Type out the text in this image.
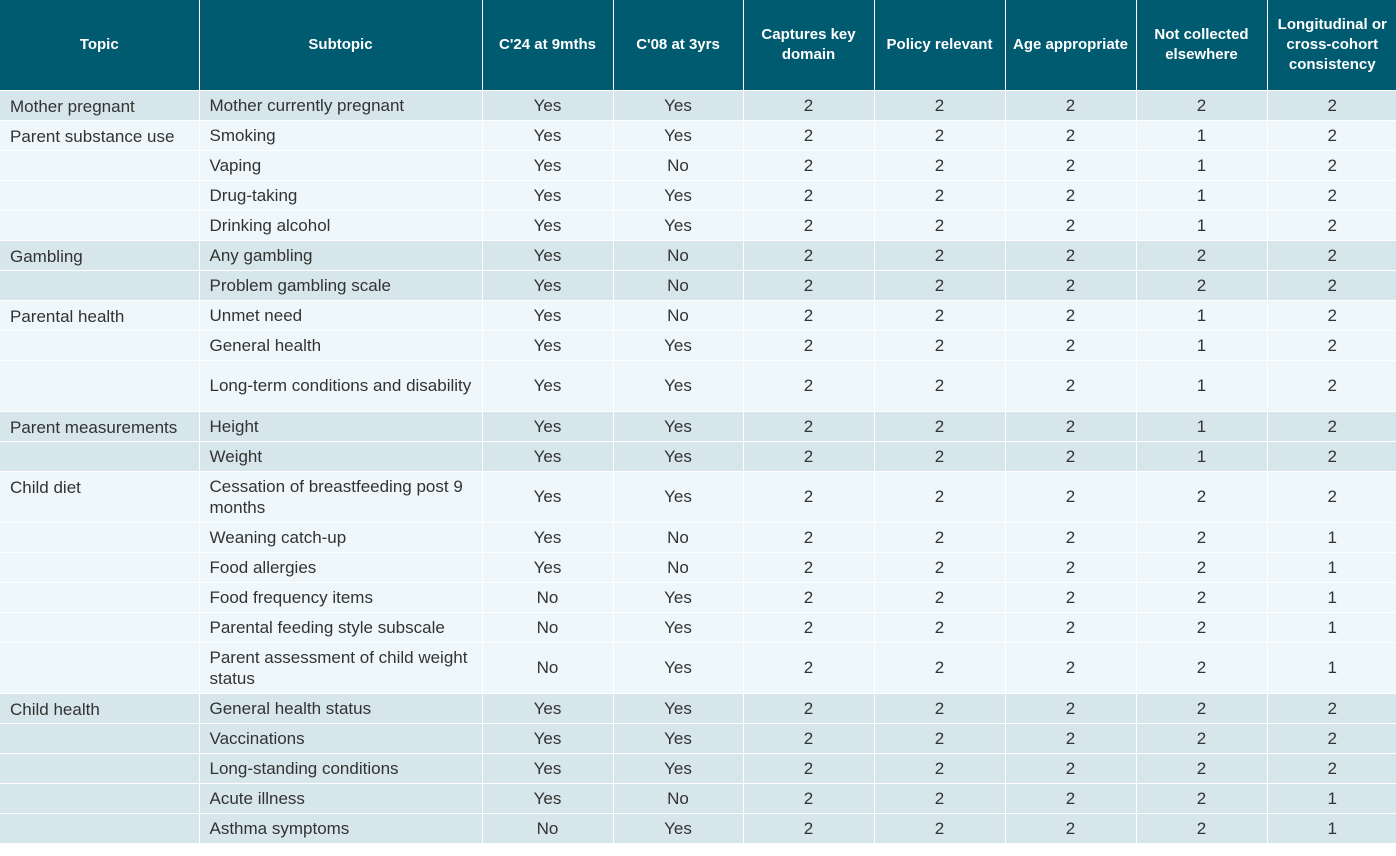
Topic	Subtopic	C'24 at 9mths	C'08 at 3yrs	Captures key domain	Policy relevant	Age appropriate	Not collected elsewhere	Longitudinal or cross-cohort consistency
Mother pregnant	Mother currently pregnant	Yes	Yes	2	2	2	2	2
Parent substance use	Smoking	Yes	Yes	2	2	2	1	2
	Vaping	Yes	No	2	2	2	1	2
	Drug-taking	Yes	Yes	2	2	2	1	2
	Drinking alcohol	Yes	Yes	2	2	2	1	2
Gambling	Any gambling	Yes	No	2	2	2	2	2
	Problem gambling scale	Yes	No	2	2	2	2	2
Parental health	Unmet need	Yes	No	2	2	2	1	2
	General health	Yes	Yes	2	2	2	1	2
	Long-term conditions and disability	Yes	Yes	2	2	2	1	2
Parent measurements	Height	Yes	Yes	2	2	2	1	2
	Weight	Yes	Yes	2	2	2	1	2
Child diet	Cessation of breastfeeding post 9 months	Yes	Yes	2	2	2	2	2
	Weaning catch-up	Yes	No	2	2	2	2	1
	Food allergies	Yes	No	2	2	2	2	1
	Food frequency items	No	Yes	2	2	2	2	1
	Parental feeding style subscale	No	Yes	2	2	2	2	1
	Parent assessment of child weight status	No	Yes	2	2	2	2	1
Child health	General health status	Yes	Yes	2	2	2	2	2
	Vaccinations	Yes	Yes	2	2	2	2	2
	Long-standing conditions	Yes	Yes	2	2	2	2	2
	Acute illness	Yes	No	2	2	2	2	1
	Asthma symptoms	No	Yes	2	2	2	2	1
